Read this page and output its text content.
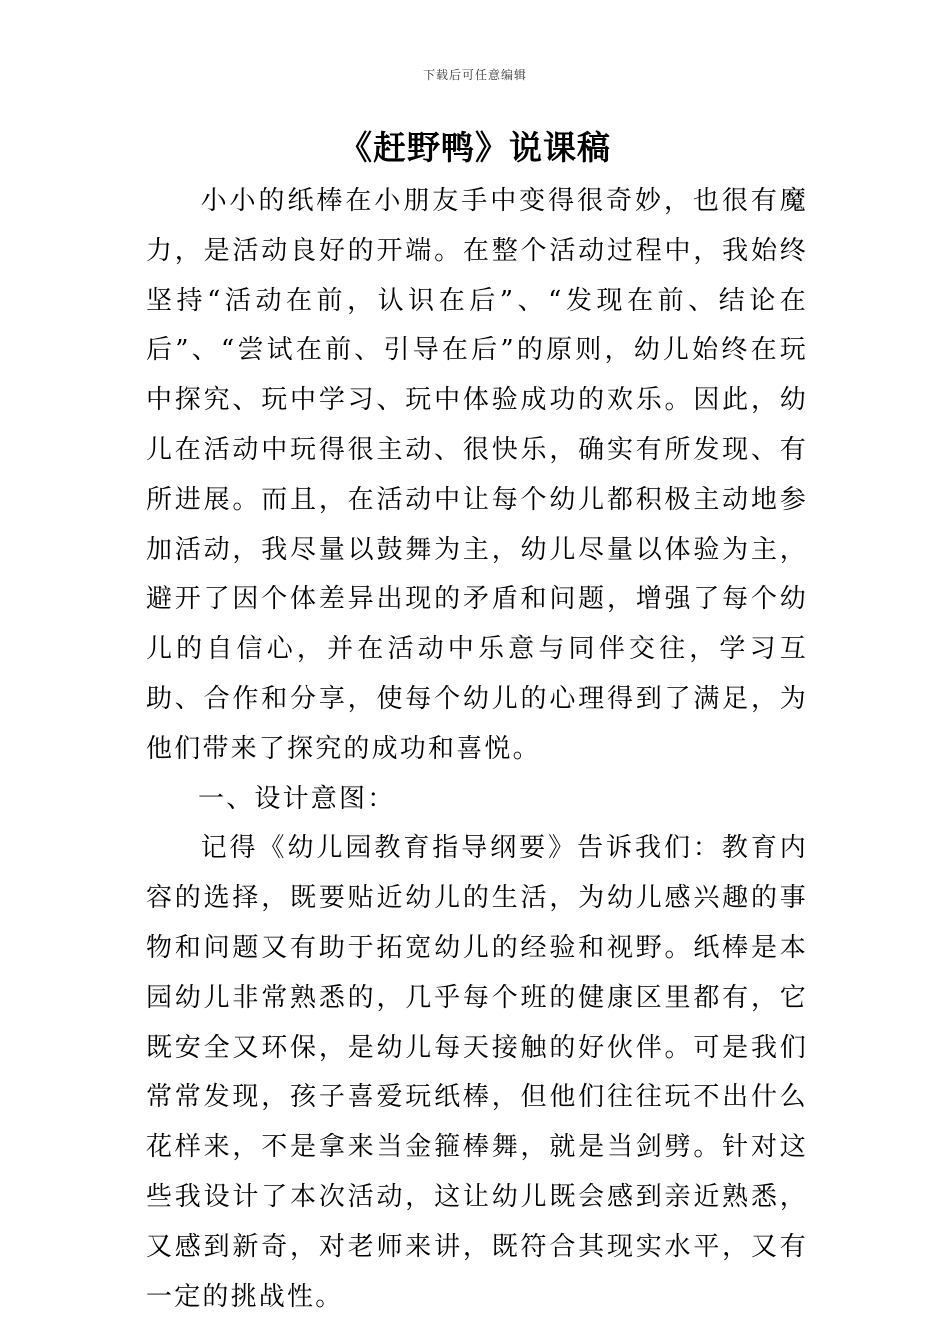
下载后可任意编辑
《赶野鸭》说课稿

小小的纸棒在小朋友手中变得很奇妙，也很有魔力，是活动良好的开端。在整个活动过程中，我始终坚持“活动在前，认识在后”、“发现在前、结论在后”、“尝试在前、引导在后”的原则，幼儿始终在玩中探究、玩中学习、玩中体验成功的欢乐。因此，幼儿在活动中玩得很主动、很快乐，确实有所发现、有所进展。而且，在活动中让每个幼儿都积极主动地参加活动，我尽量以鼓舞为主，幼儿尽量以体验为主，避开了因个体差异出现的矛盾和问题，增强了每个幼儿的自信心，并在活动中乐意与同伴交往，学习互助、合作和分享，使每个幼儿的心理得到了满足，为他们带来了探究的成功和喜悦。

一、设计意图：

记得《幼儿园教育指导纲要》告诉我们：教育内容的选择，既要贴近幼儿的生活，为幼儿感兴趣的事物和问题又有助于拓宽幼儿的经验和视野。纸棒是本园幼儿非常熟悉的，几乎每个班的健康区里都有，它既安全又环保，是幼儿每天接触的好伙伴。可是我们常常发现，孩子喜爱玩纸棒，但他们往往玩不出什么花样来，不是拿来当金箍棒舞，就是当剑劈。针对这些我设计了本次活动，这让幼儿既会感到亲近熟悉，又感到新奇，对老师来讲，既符合其现实水平，又有一定的挑战性。
